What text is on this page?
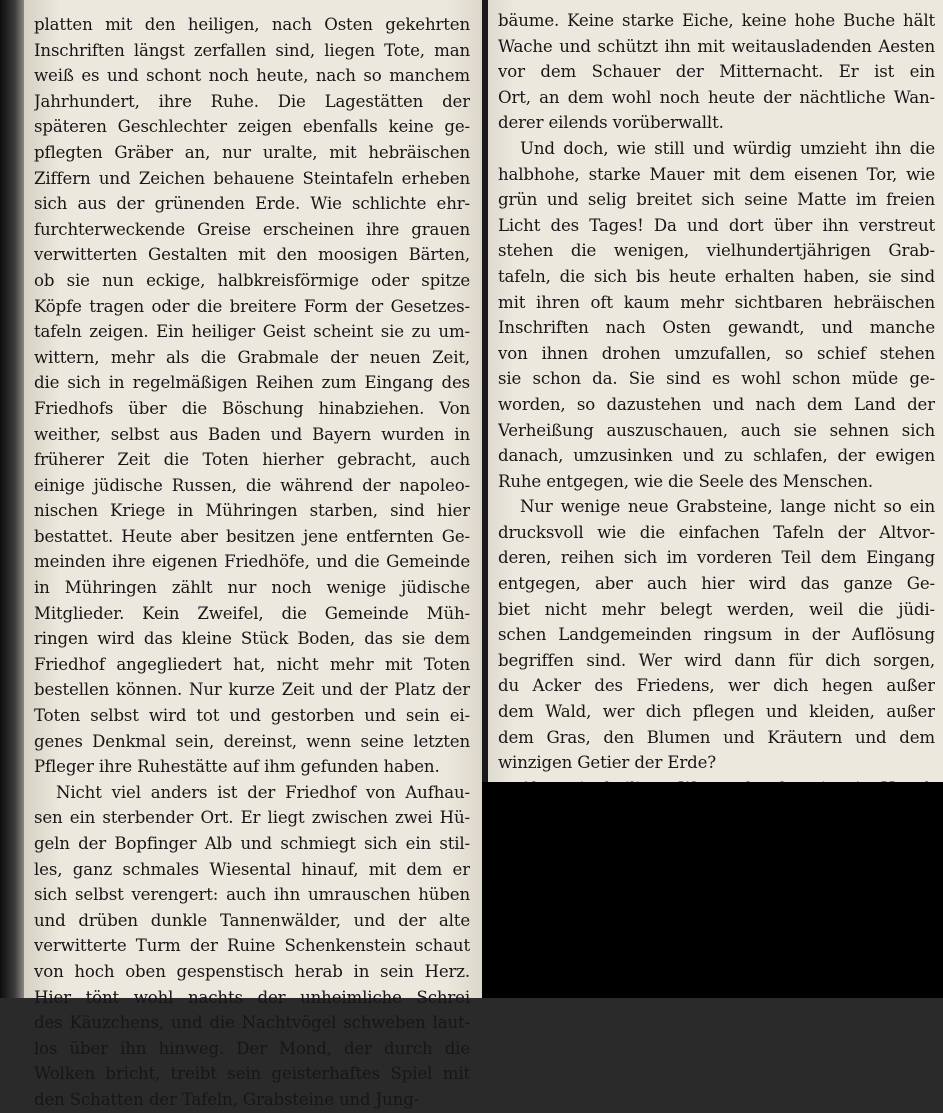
platten mit den heiligen, nach Osten gekehrten
Inschriften längst zerfallen sind, liegen Tote, man
weiß es und schont noch heute, nach so manchem
Jahrhundert, ihre Ruhe. Die Lagestätten der
späteren Geschlechter zeigen ebenfalls keine ge-
pflegten Gräber an, nur uralte, mit hebräischen
Ziffern und Zeichen behauene Steintafeln erheben
sich aus der grünenden Erde. Wie schlichte ehr-
furchterweckende Greise erscheinen ihre grauen
verwitterten Gestalten mit den moosigen Bärten,
ob sie nun eckige, halbkreisförmige oder spitze
Köpfe tragen oder die breitere Form der Gesetzes-
tafeln zeigen. Ein heiliger Geist scheint sie zu um-
wittern, mehr als die Grabmale der neuen Zeit,
die sich in regelmäßigen Reihen zum Eingang des
Friedhofs über die Böschung hinabziehen. Von
weither, selbst aus Baden und Bayern wurden in
früherer Zeit die Toten hierher gebracht, auch
einige jüdische Russen, die während der napoleo-
nischen Kriege in Mühringen starben, sind hier
bestattet. Heute aber besitzen jene entfernten Ge-
meinden ihre eigenen Friedhöfe, und die Gemeinde
in Mühringen zählt nur noch wenige jüdische
Mitglieder. Kein Zweifel, die Gemeinde Müh-
ringen wird das kleine Stück Boden, das sie dem
Friedhof angegliedert hat, nicht mehr mit Toten
bestellen können. Nur kurze Zeit und der Platz der
Toten selbst wird tot und gestorben und sein ei-
genes Denkmal sein, dereinst, wenn seine letzten
Pfleger ihre Ruhestätte auf ihm gefunden haben.
Nicht viel anders ist der Friedhof von Aufhau-
sen ein sterbender Ort. Er liegt zwischen zwei Hü-
geln der Bopfinger Alb und schmiegt sich ein stil-
les, ganz schmales Wiesental hinauf, mit dem er
sich selbst verengert: auch ihn umrauschen hüben
und drüben dunkle Tannenwälder, und der alte
verwitterte Turm der Ruine Schenkenstein schaut
von hoch oben gespenstisch herab in sein Herz.
Hier tönt wohl nachts der unheimliche Schrei
des Käuzchens, und die Nachtvögel schweben laut-
los über ihn hinweg. Der Mond, der durch die
Wolken bricht, treibt sein geisterhaftes Spiel mit
den Schatten der Tafeln, Grabsteine und Jung-
bäume. Keine starke Eiche, keine hohe Buche hält
Wache und schützt ihn mit weitausladenden Aesten
vor dem Schauer der Mitternacht. Er ist ein
Ort, an dem wohl noch heute der nächtliche Wan-
derer eilends vorüberwallt.
Und doch, wie still und würdig umzieht ihn die
halbhohe, starke Mauer mit dem eisenen Tor, wie
grün und selig breitet sich seine Matte im freien
Licht des Tages! Da und dort über ihn verstreut
stehen die wenigen, vielhundertjährigen Grab-
tafeln, die sich bis heute erhalten haben, sie sind
mit ihren oft kaum mehr sichtbaren hebräischen
Inschriften nach Osten gewandt, und manche
von ihnen drohen umzufallen, so schief stehen
sie schon da. Sie sind es wohl schon müde ge-
worden, so dazustehen und nach dem Land der
Verheißung auszuschauen, auch sie sehnen sich
danach, umzusinken und zu schlafen, der ewigen
Ruhe entgegen, wie die Seele des Menschen.
Nur wenige neue Grabsteine, lange nicht so ein
drucksvoll wie die einfachen Tafeln der Altvor-
deren, reihen sich im vorderen Teil dem Eingang
entgegen, aber auch hier wird das ganze Ge-
biet nicht mehr belegt werden, weil die jüdi-
schen Landgemeinden ringsum in der Auflösung
begriffen sind. Wer wird dann für dich sorgen,
du Acker des Friedens, wer dich hegen außer
dem Wald, wer dich pflegen und kleiden, außer
dem Gras, den Blumen und Kräutern und dem
winzigen Getier der Erde?
